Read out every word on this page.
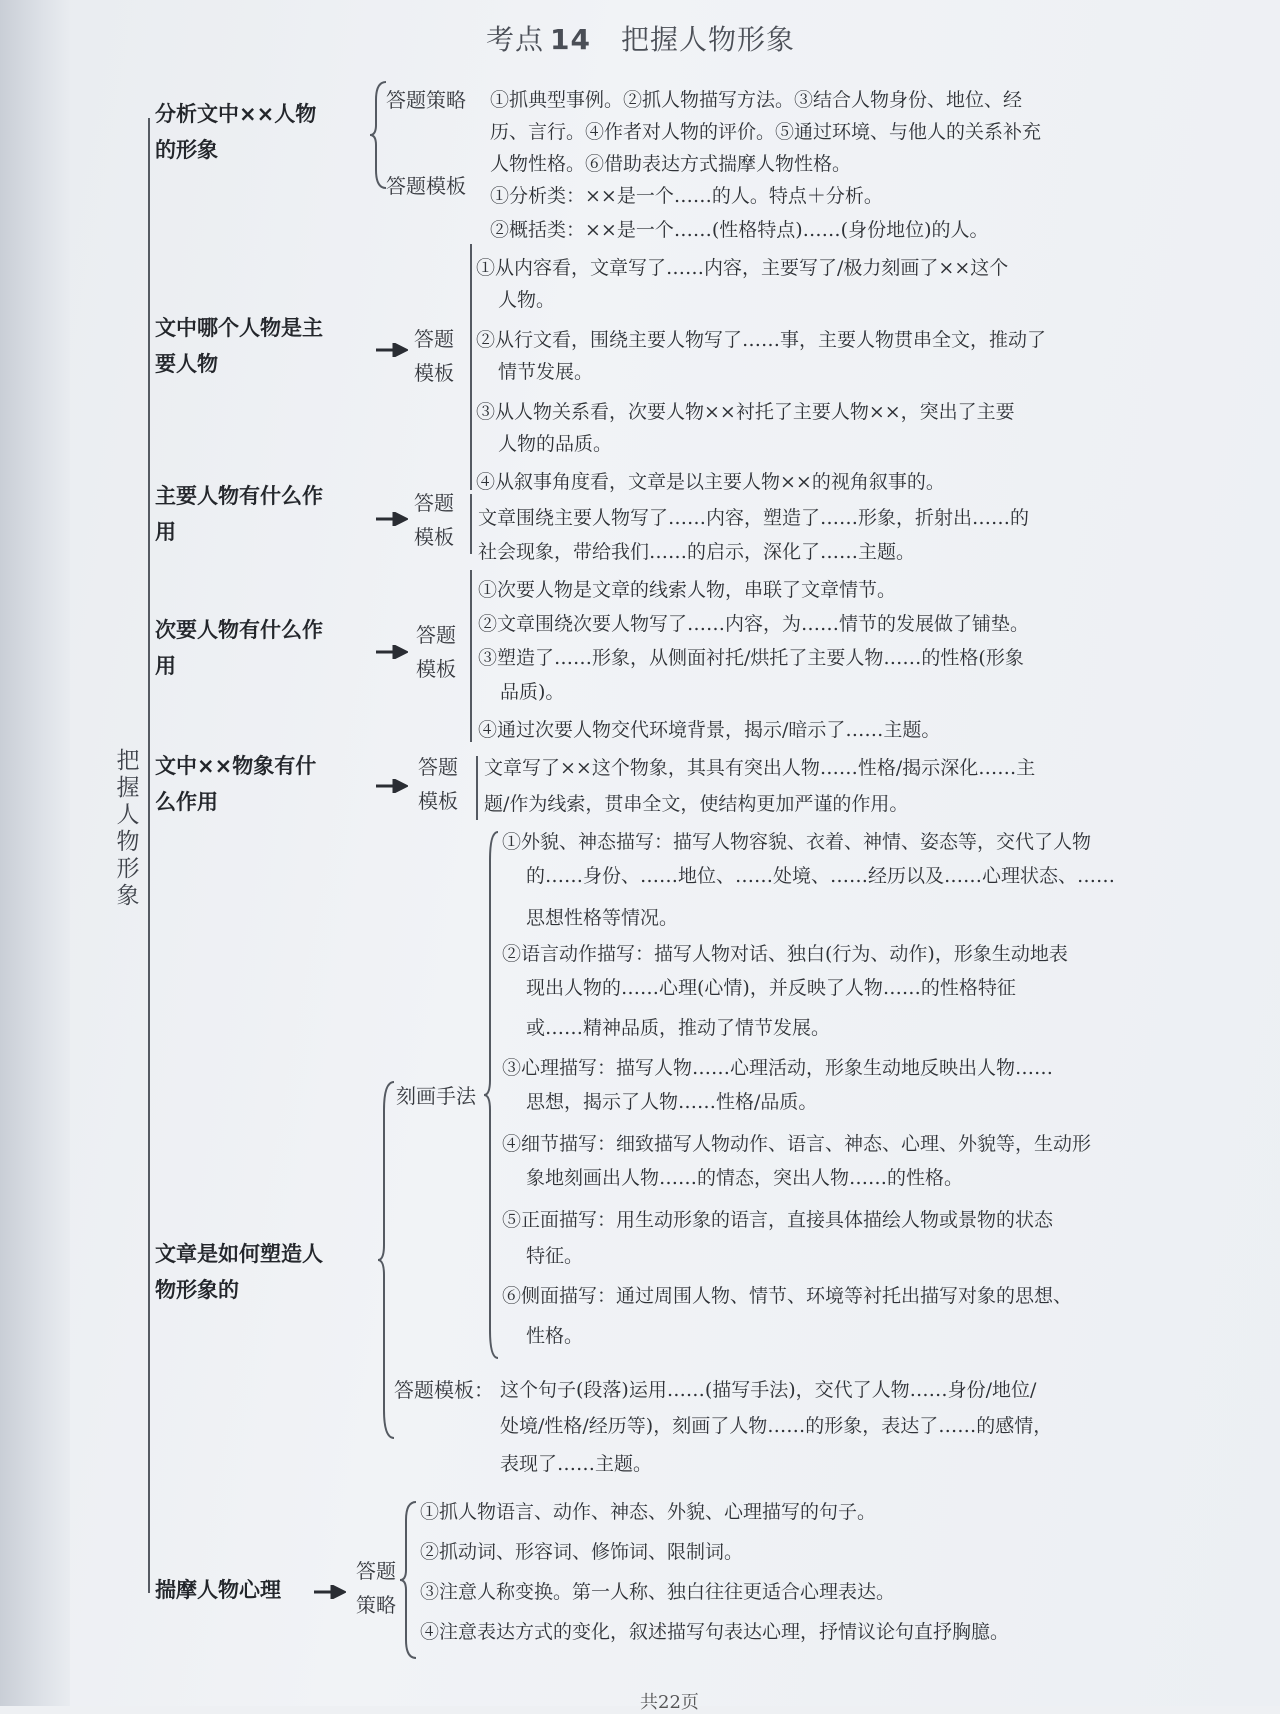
考点 14 把握人物形象
把握人物形象
分析文中××人物
的形象
答题策略
答题模板
①抓典型事例。②抓人物描写方法。③结合人物身份、地位、经
历、言行。④作者对人物的评价。⑤通过环境、与他人的关系补充
人物性格。⑥借助表达方式揣摩人物性格。
①分析类：××是一个……的人。特点＋分析。
②概括类：××是一个……(性格特点)……(身份地位)的人。
文中哪个人物是主
要人物
答题
模板
①从内容看，文章写了……内容，主要写了/极力刻画了××这个
人物。
②从行文看，围绕主要人物写了……事，主要人物贯串全文，推动了
情节发展。
③从人物关系看，次要人物××衬托了主要人物××，突出了主要
人物的品质。
④从叙事角度看，文章是以主要人物××的视角叙事的。
主要人物有什么作
用
答题
模板
文章围绕主要人物写了……内容，塑造了……形象，折射出……的
社会现象，带给我们……的启示，深化了……主题。
次要人物有什么作
用
答题
模板
①次要人物是文章的线索人物，串联了文章情节。
②文章围绕次要人物写了……内容，为……情节的发展做了铺垫。
③塑造了……形象，从侧面衬托/烘托了主要人物……的性格(形象
品质)。
④通过次要人物交代环境背景，揭示/暗示了……主题。
文中××物象有什
么作用
答题
模板
文章写了××这个物象，其具有突出人物……性格/揭示深化……主
题/作为线索，贯串全文，使结构更加严谨的作用。
文章是如何塑造人
物形象的
刻画手法
①外貌、神态描写：描写人物容貌、衣着、神情、姿态等，交代了人物
的……身份、……地位、……处境、……经历以及……心理状态、……
思想性格等情况。
②语言动作描写：描写人物对话、独白(行为、动作)，形象生动地表
现出人物的……心理(心情)，并反映了人物……的性格特征
或……精神品质，推动了情节发展。
③心理描写：描写人物……心理活动，形象生动地反映出人物……
思想，揭示了人物……性格/品质。
④细节描写：细致描写人物动作、语言、神态、心理、外貌等，生动形
象地刻画出人物……的情态，突出人物……的性格。
⑤正面描写：用生动形象的语言，直接具体描绘人物或景物的状态
特征。
⑥侧面描写：通过周围人物、情节、环境等衬托出描写对象的思想、
性格。
答题模板： 这个句子(段落)运用……(描写手法)，交代了人物……身份/地位/
处境/性格/经历等)，刻画了人物……的形象，表达了……的感情，
表现了……主题。
揣摩人物心理
答题
策略
①抓人物语言、动作、神态、外貌、心理描写的句子。
②抓动词、形容词、修饰词、限制词。
③注意人称变换。第一人称、独白往往更适合心理表达。
④注意表达方式的变化，叙述描写句表达心理，抒情议论句直抒胸臆。
共22页
